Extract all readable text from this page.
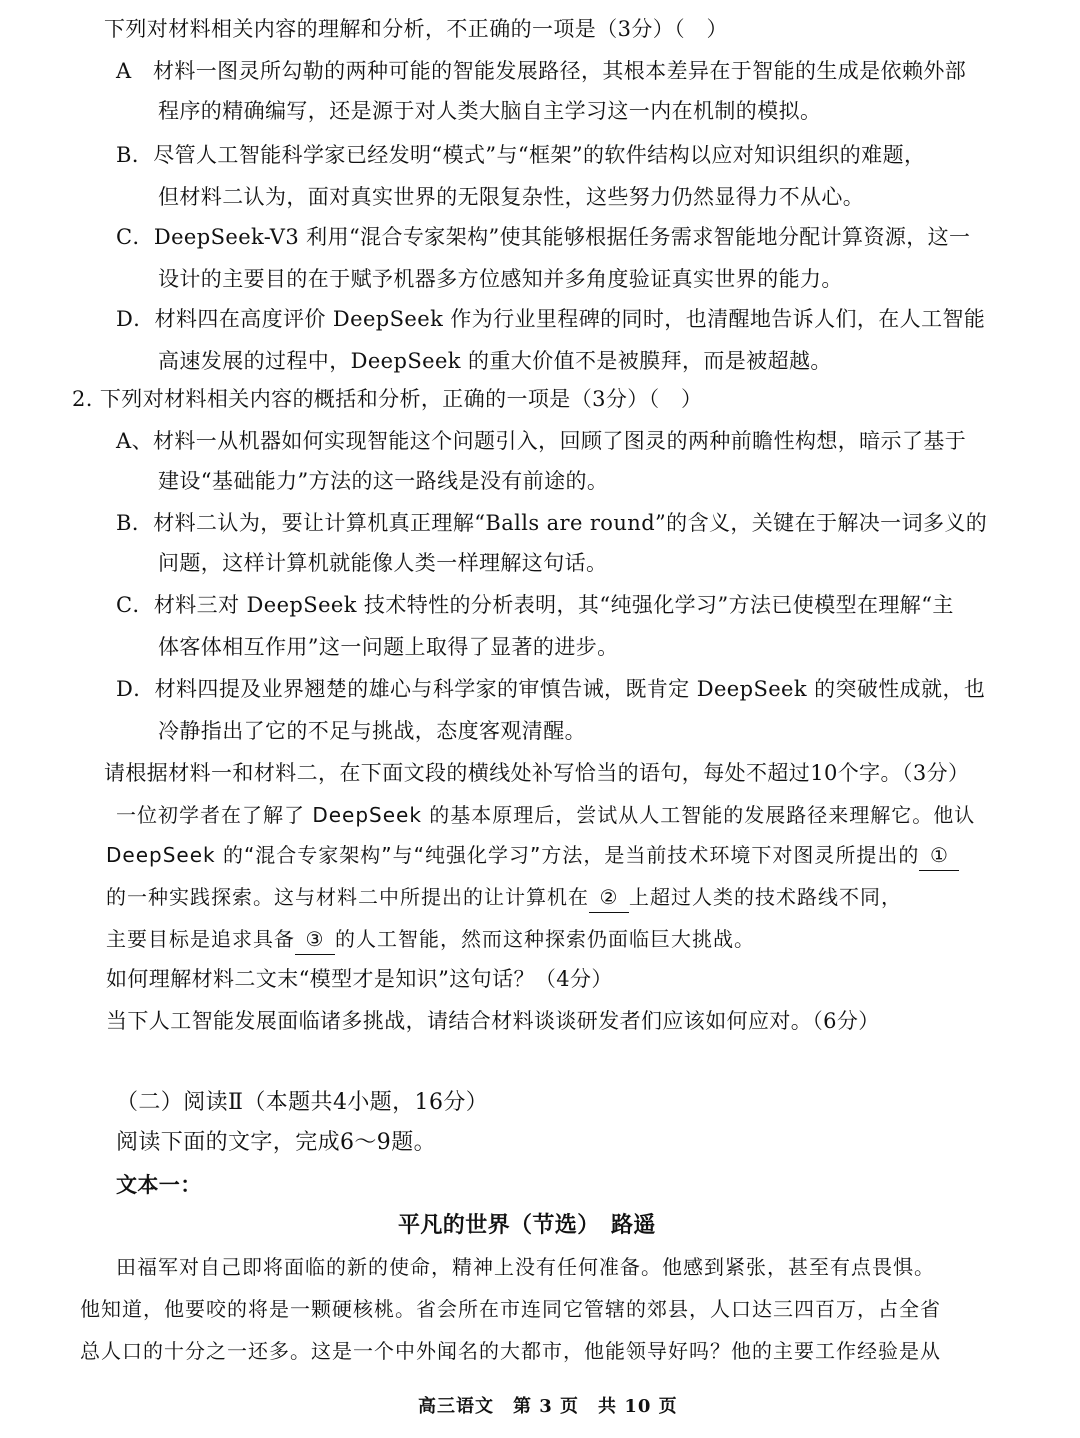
下列对材料相关内容的理解和分析，不正确的一项是（3分）（　）
A　材料一图灵所勾勒的两种可能的智能发展路径，其根本差异在于智能的生成是依赖外部
程序的精确编写，还是源于对人类大脑自主学习这一内在机制的模拟。
B．尽管人工智能科学家已经发明“模式”与“框架”的软件结构以应对知识组织的难题，
但材料二认为，面对真实世界的无限复杂性，这些努力仍然显得力不从心。
C．DeepSeek-V3 利用“混合专家架构”使其能够根据任务需求智能地分配计算资源，这一
设计的主要目的在于赋予机器多方位感知并多角度验证真实世界的能力。
D．材料四在高度评价 DeepSeek 作为行业里程碑的同时，也清醒地告诉人们，在人工智能
高速发展的过程中，DeepSeek 的重大价值不是被膜拜，而是被超越。
2. 下列对材料相关内容的概括和分析，正确的一项是（3分）（　）
A、材料一从机器如何实现智能这个问题引入，回顾了图灵的两种前瞻性构想，暗示了基于
建设“基础能力”方法的这一路线是没有前途的。
B．材料二认为，要让计算机真正理解“Balls are round”的含义，关键在于解决一词多义的
问题，这样计算机就能像人类一样理解这句话。
C．材料三对 DeepSeek 技术特性的分析表明，其“纯强化学习”方法已使模型在理解“主
体客体相互作用”这一问题上取得了显著的进步。
D．材料四提及业界翘楚的雄心与科学家的审慎告诫，既肯定 DeepSeek 的突破性成就，也
冷静指出了它的不足与挑战，态度客观清醒。
请根据材料一和材料二，在下面文段的横线处补写恰当的语句，每处不超过10个字。（3分）
一位初学者在了解了 DeepSeek 的基本原理后，尝试从人工智能的发展路径来理解它。他认
DeepSeek 的“混合专家架构”与“纯强化学习”方法，是当前技术环境下对图灵所提出的 ①
的一种实践探索。这与材料二中所提出的让计算机在 ② 上超过人类的技术路线不同，
主要目标是追求具备 ③ 的人工智能，然而这种探索仍面临巨大挑战。
如何理解材料二文末“模型才是知识”这句话？（4分）
当下人工智能发展面临诸多挑战，请结合材料谈谈研发者们应该如何应对。（6分）
（二）阅读Ⅱ（本题共4小题，16分）
阅读下面的文字，完成6～9题。
文本一：
平凡的世界（节选）　路遥
田福军对自己即将面临的新的使命，精神上没有任何准备。他感到紧张，甚至有点畏惧。
他知道，他要咬的将是一颗硬核桃。省会所在市连同它管辖的郊县，人口达三四百万，占全省
总人口的十分之一还多。这是一个中外闻名的大都市，他能领导好吗？他的主要工作经验是从
高三语文　第 3 页　共 10 页
